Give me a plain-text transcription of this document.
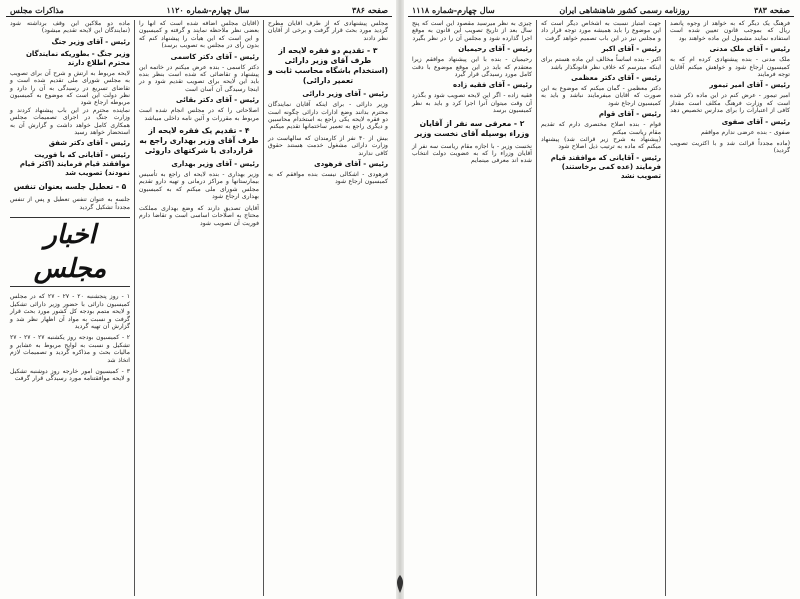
صفحه ۳۸۶
سال چهارم-شماره ۱۱۲۰
مذاکرات مجلس
مجلس پیشنهادی که از طرف آقایان مطرح گردید مورد بحث قرار گرفت و برخی از آقایان نظر دادند
۳ - تقدیم دو فقره لایحه از طرف آقای وزیر دارائی (استخدام باشگاه محاسب ثابت و تعمیر دارائی)
رئیس - آقای وزیر دارائی
وزیر دارائی - برای اینکه آقایان نمایندگان محترم بدانند وضع ادارات دارائی چگونه است دو فقره لایحه یکی راجع به استخدام محاسبین و دیگری راجع به تعمیر ساختمانها تقدیم میکنم
بیش از ۴۰ نفر از کارمندان که سالهاست در وزارت دارائی مشغول خدمت هستند حقوق کافی ندارند
رئیس - آقای فرهودی
فرهودی - اشکالی نیست بنده موافقم که به کمیسیون ارجاع شود
(آقایان مجلس اضافه شده است که آنها را بعضی نظر ملاحظه نمایند و گرفته و کمیسیون و این است که این هیأت را پیشنهاد کنم که بدون رأی در مجلس به تصویب برسد)
رئیس - آقای دکتر کاسمی
دکتر کاسمی - بنده عرض میکنم در خاتمه این پیشنهاد و تقاضائی که شده است بنظر بنده باید این لایحه برای تصویب تقدیم شود و در اینجا رسیدگی آن آسان است
رئیس - آقای دکتر بقائی
اصلاحاتی را که در مجلس انجام شده است مربوط به مقررات و آئین نامه داخلی میباشد
۴ - تقدیم یک فقره لایحه از طرف آقای وزیر بهداری راجع به قراردادی با شرکتهای داروئی
رئیس - آقای وزیر بهداری
وزیر بهداری - بنده لایحه ای راجع به تأسیس بیمارستانها و مراکز درمانی و تهیه دارو تقدیم مجلس شورای ملی میکنم که به کمیسیون بهداری ارجاع شود
آقایان تصدیق دارند که وضع بهداری مملکت محتاج به اصلاحات اساسی است و تقاضا دارم فوریت آن تصویب شود
ماده دو ملاکین این وقف برداشته شود (نمایندگان این لایحه تقدیم میشود)
رئیس - آقای وزیر جنگ
وزیر جنگ - بطوریکه نمایندگان محترم اطلاع دارند
لایحه مربوط به ارتش و شرح آن برای تصویب به مجلس شورای ملی تقدیم شده است و تقاضای تسریع در رسیدگی به آن را دارد و نظر دولت این است که موضوع به کمیسیون مربوطه ارجاع شود
نماینده محترم در این باب پیشنهاد کردند و وزارت جنگ در اجرای تصمیمات مجلس همکاری کامل خواهد داشت و گزارش آن به استحضار خواهد رسید
رئیس - آقای دکتر شفق
رئیس - آقایانی که با فوریت موافقند قیام فرمایند (اکثر قیام نمودند) تصویب شد
۵ - تعطیل جلسه بعنوان تنفس
جلسه به عنوان تنفس تعطیل و پس از تنفس مجدداً تشکیل گردید
اخبار مجلس
۱ - روز پنجشنبه ۲۰ - ۲۷ - ۲۷ که در مجلس کمیسیون دارائی با حضور وزیر دارائی تشکیل و لایحه متمم بودجه کل کشور مورد بحث قرار گرفت و نسبت به مواد آن اظهار نظر شد و گزارش آن تهیه گردید
۲ - کمیسیون بودجه روز یکشنبه ۲۷ - ۲۷ - ۲۷ تشکیل و نسبت به لوایح مربوط به عشایر و مالیات بحث و مذاکره گردید و تصمیمات لازم اتخاذ شد
۳ - کمیسیون امور خارجه روز دوشنبه تشکیل و لایحه موافقتنامه مورد رسیدگی قرار گرفت
صفحه ۳۸۳
روزنامه رسمی کشور شاهنشاهی ایران
سال چهارم-شماره ۱۱۱۸
فرهنگ یک دیگر که به خواهد از وجوه پانصد ریال که بموجب قانون تعیین شده است استفاده نمایند مشمول این ماده خواهند بود
رئیس - آقای ملک مدنی
ملک مدنی - بنده پیشنهادی کرده ام که به کمیسیون ارجاع شود و خواهش میکنم آقایان توجه فرمایند
رئیس - آقای امیر تیمور
امیر تیمور - عرض کنم در این ماده ذکر شده است که وزارت فرهنگ مکلف است مقدار کافی از اعتبارات را برای مدارس تخصیص دهد
رئیس - آقای صفوی
صفوی - بنده عرضی ندارم موافقم
(ماده مجدداً قرائت شد و با اکثریت تصویب گردید)
جهت امتیاز نسبت به اشخاص دیگر است که این موضوع را باید همیشه مورد توجه قرار داد و مجلس نیز در این باب تصمیم خواهد گرفت
رئیس - آقای اکبر
اکبر - بنده اساساً مخالف این ماده هستم برای اینکه میترسم که خلاف نظر قانونگذار باشد
رئیس - آقای دکتر معظمی
دکتر معظمی - گمان میکنم که موضوع به این صورت که آقایان میفرمایند نباشد و باید به کمیسیون ارجاع شود
رئیس - آقای قوام
قوام - بنده اصلاح مختصری دارم که تقدیم مقام ریاست میکنم
(پیشنهاد به شرح زیر قرائت شد) پیشنهاد میکنم که ماده به ترتیب ذیل اصلاح شود
رئیس - آقایانی که موافقند قیام فرمایند (عده کمی برخاستند) تصویب نشد
چیزی به نظر میرسید مقصود این است که پنج سال بعد از تاریخ تصویب این قانون به موقع اجرا گذارده شود و مجلس آن را در نظر بگیرد
رئیس - آقای رحیمیان
رحیمیان - بنده با این پیشنهاد موافقم زیرا معتقدم که باید در این موقع موضوع با دقت کامل مورد رسیدگی قرار گیرد
رئیس - آقای فقیه زاده
فقیه زاده - اگر این لایحه تصویب شود و بگذرد آن وقت میتوان آنرا اجرا کرد و باید به نظر کمیسیون برسد
۲ - معرفی سه نفر از آقایان وزراء بوسیله آقای نخست وزیر
نخست وزیر - با اجازه مقام ریاست سه نفر از آقایان وزراء را که به عضویت دولت انتخاب شده اند معرفی مینمایم
